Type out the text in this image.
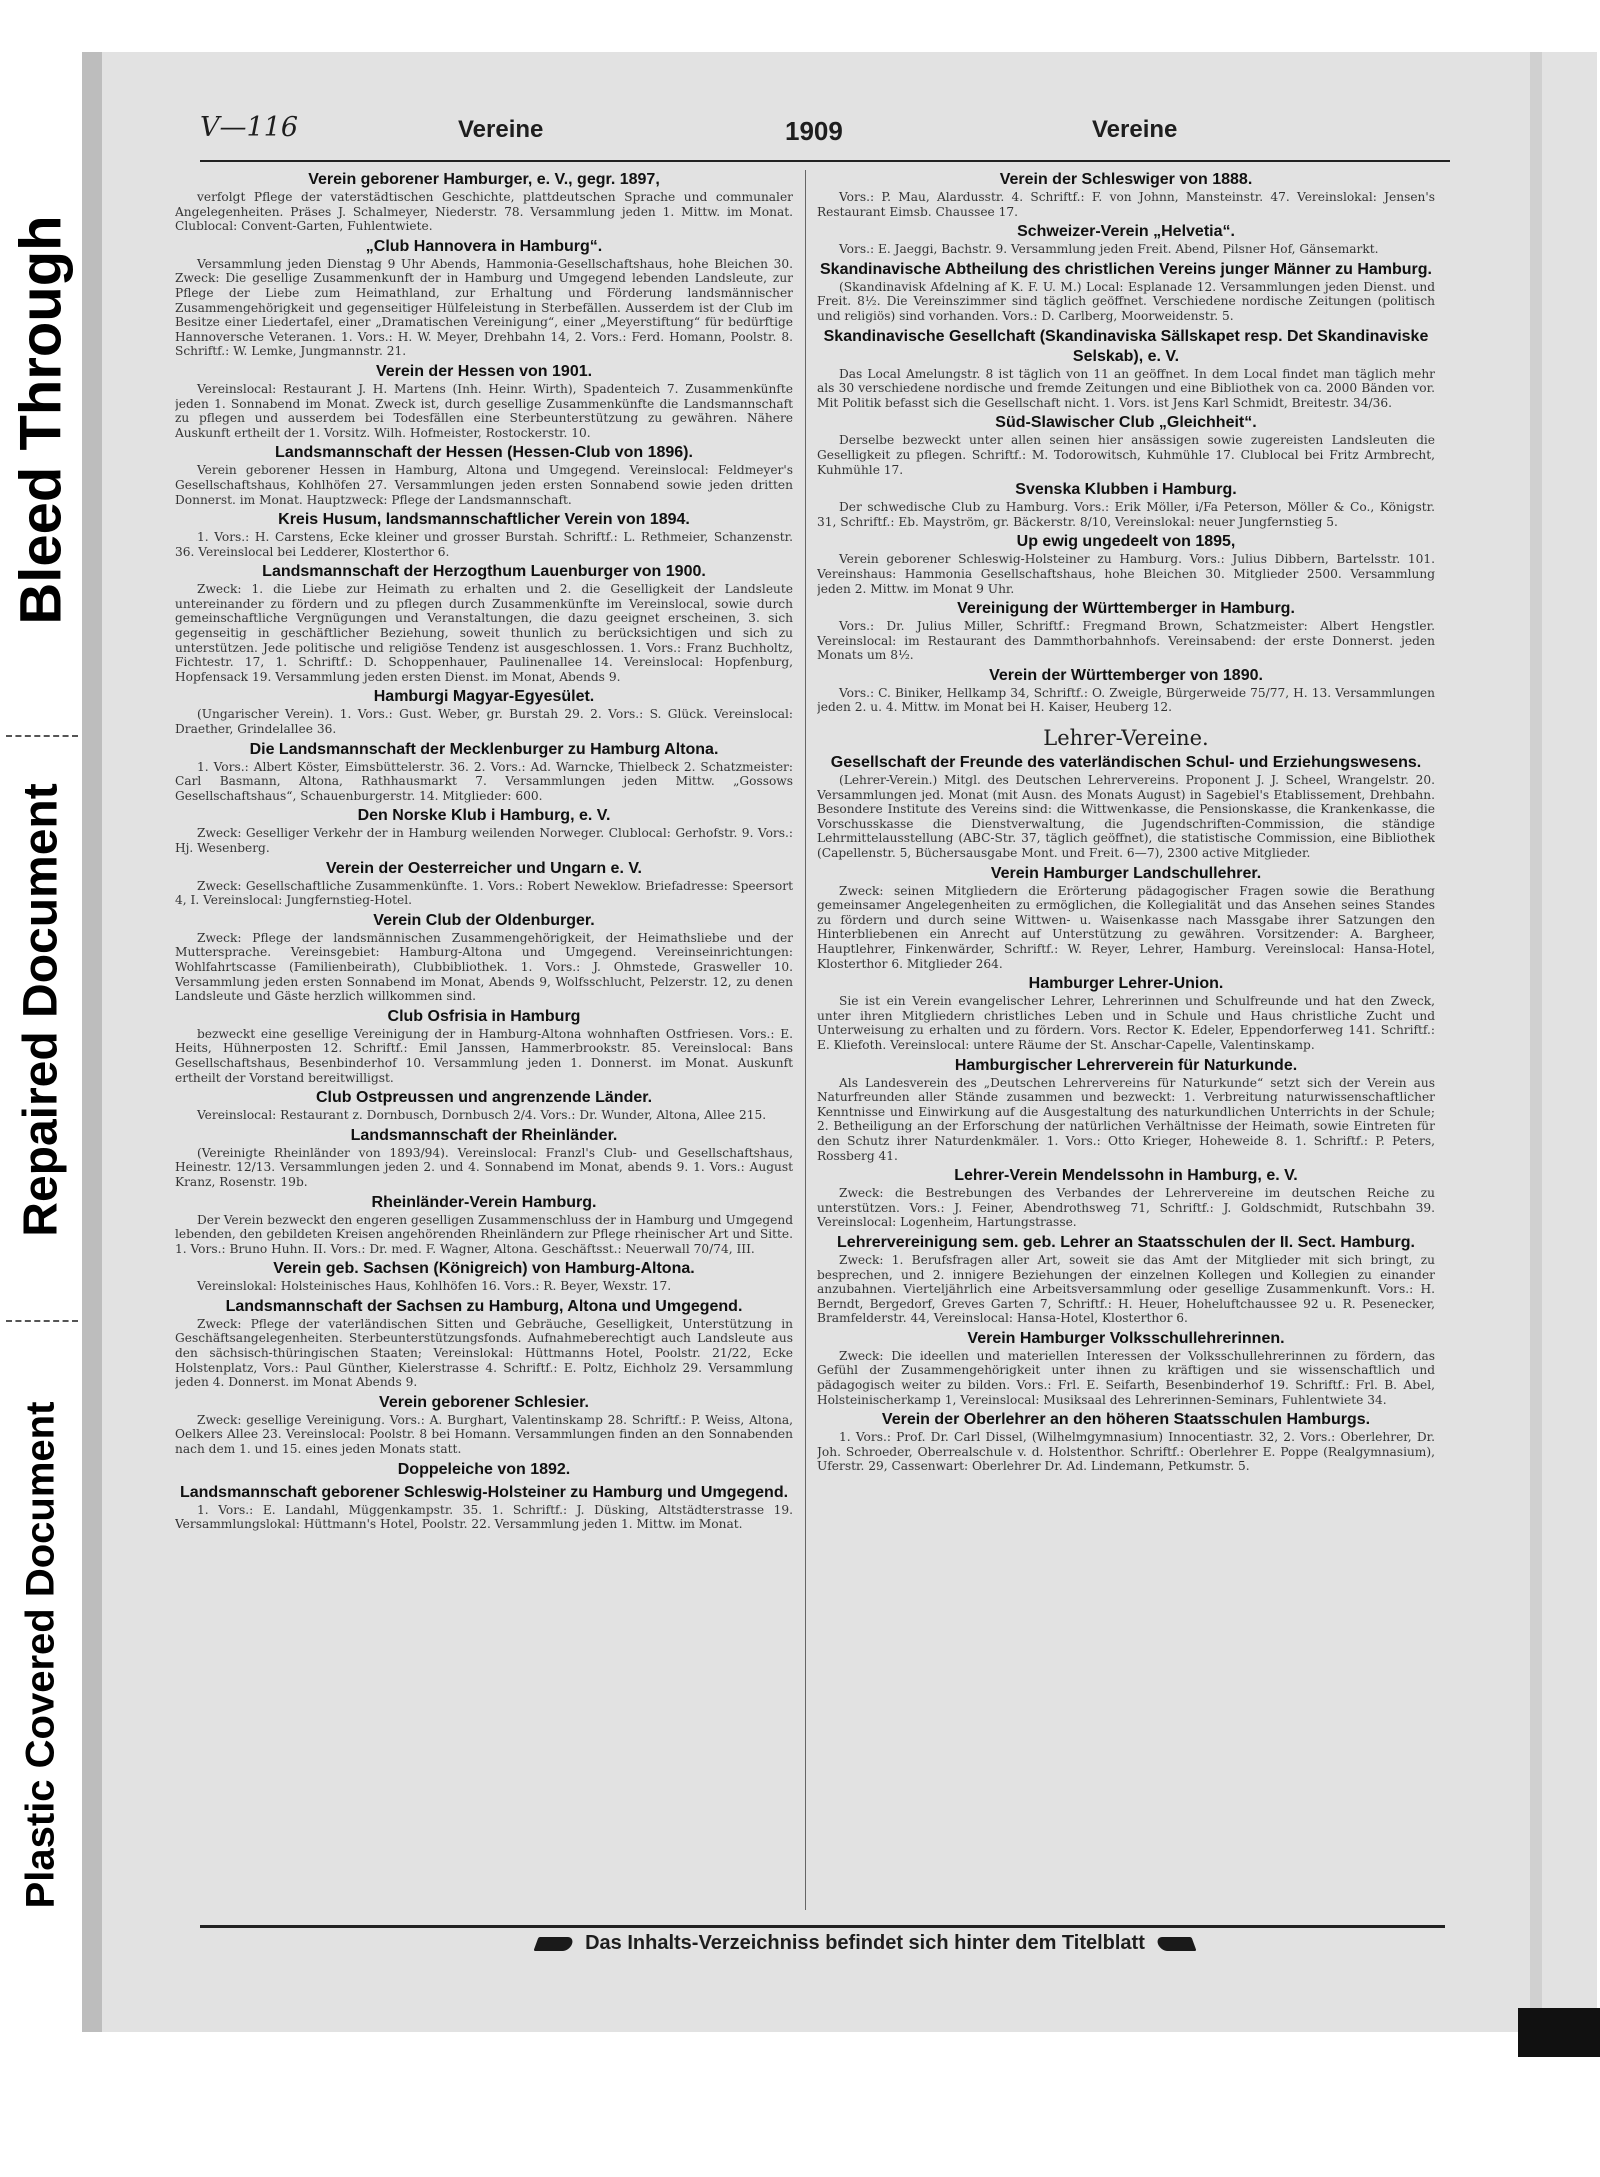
Bleed Through
Repaired Document
Plastic Covered Document
V—116	Vereine	1909	Vereine
Verein geborener Hamburger, e. V., gegr. 1897,
verfolgt Pflege der vaterstädtischen Geschichte, plattdeutschen Sprache und communaler Angelegenheiten. Präses J. Schalmeyer, Niederstr. 78. Versammlung jeden 1. Mittw. im Monat. Clublocal: Convent-Garten, Fuhlentwiete.
„Club Hannovera in Hamburg“.
Versammlung jeden Dienstag 9 Uhr Abends, Hammonia-Gesellschaftshaus, hohe Bleichen 30. Zweck: Die gesellige Zusammenkunft der in Hamburg und Umgegend lebenden Landsleute, zur Pflege der Liebe zum Heimathland, zur Erhaltung und Förderung landsmännischer Zusammengehörigkeit und gegenseitiger Hülfeleistung in Sterbefällen. Ausserdem ist der Club im Besitze einer Liedertafel, einer „Dramatischen Vereinigung“, einer „Meyerstiftung“ für bedürftige Hannoversche Veteranen. 1. Vors.: H. W. Meyer, Drehbahn 14, 2. Vors.: Ferd. Homann, Poolstr. 8. Schriftf.: W. Lemke, Jungmannstr. 21.
Verein der Hessen von 1901.
Vereinslocal: Restaurant J. H. Martens (Inh. Heinr. Wirth), Spadenteich 7. Zusammenkünfte jeden 1. Sonnabend im Monat. Zweck ist, durch gesellige Zusammenkünfte die Landsmannschaft zu pflegen und ausserdem bei Todesfällen eine Sterbeunterstützung zu gewähren. Nähere Auskunft ertheilt der 1. Vorsitz. Wilh. Hofmeister, Rostockerstr. 10.
Landsmannschaft der Hessen (Hessen-Club von 1896).
Verein geborener Hessen in Hamburg, Altona und Umgegend. Vereinslocal: Feldmeyer's Gesellschaftshaus, Kohlhöfen 27. Versammlungen jeden ersten Sonnabend sowie jeden dritten Donnerst. im Monat. Hauptzweck: Pflege der Landsmannschaft.
Kreis Husum, landsmannschaftlicher Verein von 1894.
1. Vors.: H. Carstens, Ecke kleiner und grosser Burstah. Schriftf.: L. Rethmeier, Schanzenstr. 36. Vereinslocal bei Ledderer, Klosterthor 6.
Landsmannschaft der Herzogthum Lauenburger von 1900.
Zweck: 1. die Liebe zur Heimath zu erhalten und 2. die Geselligkeit der Landsleute untereinander zu fördern und zu pflegen durch Zusammenkünfte im Vereinslocal, sowie durch gemeinschaftliche Vergnügungen und Veranstaltungen, die dazu geeignet erscheinen, 3. sich gegenseitig in geschäftlicher Beziehung, soweit thunlich zu berücksichtigen und sich zu unterstützen. Jede politische und religiöse Tendenz ist ausgeschlossen. 1. Vors.: Franz Buchholtz, Fichtestr. 17, 1. Schriftf.: D. Schoppenhauer, Paulinenallee 14. Vereinslocal: Hopfenburg, Hopfensack 19. Versammlung jeden ersten Dienst. im Monat, Abends 9.
Hamburgi Magyar-Egyesület.
(Ungarischer Verein). 1. Vors.: Gust. Weber, gr. Burstah 29. 2. Vors.: S. Glück. Vereinslocal: Draether, Grindelallee 36.
Die Landsmannschaft der Mecklenburger zu Hamburg Altona.
1. Vors.: Albert Köster, Eimsbüttelerstr. 36. 2. Vors.: Ad. Warncke, Thielbeck 2. Schatzmeister: Carl Basmann, Altona, Rathhausmarkt 7. Versammlungen jeden Mittw. „Gossows Gesellschaftshaus“, Schauenburgerstr. 14. Mitglieder: 600.
Den Norske Klub i Hamburg, e. V.
Zweck: Geselliger Verkehr der in Hamburg weilenden Norweger. Clublocal: Gerhofstr. 9. Vors.: Hj. Wesenberg.
Verein der Oesterreicher und Ungarn e. V.
Zweck: Gesellschaftliche Zusammenkünfte. 1. Vors.: Robert Neweklow. Briefadresse: Speersort 4, I. Vereinslocal: Jungfernstieg-Hotel.
Verein Club der Oldenburger.
Zweck: Pflege der landsmännischen Zusammengehörigkeit, der Heimathsliebe und der Muttersprache. Vereinsgebiet: Hamburg-Altona und Umgegend. Vereinseinrichtungen: Wohlfahrtscasse (Familienbeirath), Clubbibliothek. 1. Vors.: J. Ohmstede, Grasweller 10. Versammlung jeden ersten Sonnabend im Monat, Abends 9, Wolfsschlucht, Pelzerstr. 12, zu denen Landsleute und Gäste herzlich willkommen sind.
Club Osfrisia in Hamburg
bezweckt eine gesellige Vereinigung der in Hamburg-Altona wohnhaften Ostfriesen. Vors.: E. Heits, Hühnerposten 12. Schriftf.: Emil Janssen, Hammerbrookstr. 85. Vereinslocal: Bans Gesellschaftshaus, Besenbinderhof 10. Versammlung jeden 1. Donnerst. im Monat. Auskunft ertheilt der Vorstand bereitwilligst.
Club Ostpreussen und angrenzende Länder.
Vereinslocal: Restaurant z. Dornbusch, Dornbusch 2/4. Vors.: Dr. Wunder, Altona, Allee 215.
Landsmannschaft der Rheinländer.
(Vereinigte Rheinländer von 1893/94). Vereinslocal: Franzl's Club- und Gesellschaftshaus, Heinestr. 12/13. Versammlungen jeden 2. und 4. Sonnabend im Monat, abends 9. 1. Vors.: August Kranz, Rosenstr. 19b.
Rheinländer-Verein Hamburg.
Der Verein bezweckt den engeren geselligen Zusammenschluss der in Hamburg und Umgegend lebenden, den gebildeten Kreisen angehörenden Rheinländern zur Pflege rheinischer Art und Sitte. 1. Vors.: Bruno Huhn. II. Vors.: Dr. med. F. Wagner, Altona. Geschäftsst.: Neuerwall 70/74, III.
Verein geb. Sachsen (Königreich) von Hamburg-Altona.
Vereinslokal: Holsteinisches Haus, Kohlhöfen 16. Vors.: R. Beyer, Wexstr. 17.
Landsmannschaft der Sachsen zu Hamburg, Altona und Umgegend.
Zweck: Pflege der vaterländischen Sitten und Gebräuche, Geselligkeit, Unterstützung in Geschäftsangelegenheiten. Sterbeunterstützungsfonds. Aufnahmeberechtigt auch Landsleute aus den sächsisch-thüringischen Staaten; Vereinslokal: Hüttmanns Hotel, Poolstr. 21/22, Ecke Holstenplatz, Vors.: Paul Günther, Kielerstrasse 4. Schriftf.: E. Poltz, Eichholz 29. Versammlung jeden 4. Donnerst. im Monat Abends 9.
Verein geborener Schlesier.
Zweck: gesellige Vereinigung. Vors.: A. Burghart, Valentinskamp 28. Schriftf.: P. Weiss, Altona, Oelkers Allee 23. Vereinslocal: Poolstr. 8 bei Homann. Versammlungen finden an den Sonnabenden nach dem 1. und 15. eines jeden Monats statt.
Doppeleiche von 1892.
Landsmannschaft geborener Schleswig-Holsteiner zu Hamburg und Umgegend.
1. Vors.: E. Landahl, Müggenkampstr. 35. 1. Schriftf.: J. Düsking, Altstädterstrasse 19. Versammlungslokal: Hüttmann's Hotel, Poolstr. 22. Versammlung jeden 1. Mittw. im Monat.
Verein der Schleswiger von 1888.
Vors.: P. Mau, Alardusstr. 4. Schriftf.: F. von Johnn, Mansteinstr. 47. Vereinslokal: Jensen's Restaurant Eimsb. Chaussee 17.
Schweizer-Verein „Helvetia“.
Vors.: E. Jaeggi, Bachstr. 9. Versammlung jeden Freit. Abend, Pilsner Hof, Gänsemarkt.
Skandinavische Abtheilung des christlichen Vereins junger Männer zu Hamburg.
(Skandinavisk Afdelning af K. F. U. M.) Local: Esplanade 12. Versammlungen jeden Dienst. und Freit. 8½. Die Vereinszimmer sind täglich geöffnet. Verschiedene nordische Zeitungen (politisch und religiös) sind vorhanden. Vors.: D. Carlberg, Moorweidenstr. 5.
Skandinavische Gesellchaft (Skandinaviska Sällskapet resp. Det Skandinaviske Selskab), e. V.
Das Local Amelungstr. 8 ist täglich von 11 an geöffnet. In dem Local findet man täglich mehr als 30 verschiedene nordische und fremde Zeitungen und eine Bibliothek von ca. 2000 Bänden vor. Mit Politik befasst sich die Gesellschaft nicht. 1. Vors. ist Jens Karl Schmidt, Breitestr. 34/36.
Süd-Slawischer Club „Gleichheit“.
Derselbe bezweckt unter allen seinen hier ansässigen sowie zugereisten Landsleuten die Geselligkeit zu pflegen. Schriftf.: M. Todorowitsch, Kuhmühle 17. Clublocal bei Fritz Armbrecht, Kuhmühle 17.
Svenska Klubben i Hamburg.
Der schwedische Club zu Hamburg. Vors.: Erik Möller, i/Fa Peterson, Möller & Co., Königstr. 31, Schriftf.: Eb. Mayström, gr. Bäckerstr. 8/10, Vereinslokal: neuer Jungfernstieg 5.
Up ewig ungedeelt von 1895,
Verein geborener Schleswig-Holsteiner zu Hamburg. Vors.: Julius Dibbern, Bartelsstr. 101. Vereinshaus: Hammonia Gesellschaftshaus, hohe Bleichen 30. Mitglieder 2500. Versammlung jeden 2. Mittw. im Monat 9 Uhr.
Vereinigung der Württemberger in Hamburg.
Vors.: Dr. Julius Miller, Schriftf.: Fregmand Brown, Schatzmeister: Albert Hengstler. Vereinslocal: im Restaurant des Dammthorbahnhofs. Vereinsabend: der erste Donnerst. jeden Monats um 8½.
Verein der Württemberger von 1890.
Vors.: C. Biniker, Hellkamp 34, Schriftf.: O. Zweigle, Bürgerweide 75/77, H. 13. Versammlungen jeden 2. u. 4. Mittw. im Monat bei H. Kaiser, Heuberg 12.
Lehrer-Vereine.
Gesellschaft der Freunde des vaterländischen Schul- und Erziehungswesens.
(Lehrer-Verein.) Mitgl. des Deutschen Lehrervereins. Proponent J. J. Scheel, Wrangelstr. 20. Versammlungen jed. Monat (mit Ausn. des Monats August) in Sagebiel's Etablissement, Drehbahn. Besondere Institute des Vereins sind: die Wittwenkasse, die Pensionskasse, die Krankenkasse, die Vorschusskasse die Dienstverwaltung, die Jugendschriften-Commission, die ständige Lehrmittelausstellung (ABC-Str. 37, täglich geöffnet), die statistische Commission, eine Bibliothek (Capellenstr. 5, Büchersausgabe Mont. und Freit. 6—7), 2300 active Mitglieder.
Verein Hamburger Landschullehrer.
Zweck: seinen Mitgliedern die Erörterung pädagogischer Fragen sowie die Berathung gemeinsamer Angelegenheiten zu ermöglichen, die Kollegialität und das Ansehen seines Standes zu fördern und durch seine Wittwen- u. Waisenkasse nach Massgabe ihrer Satzungen den Hinterbliebenen ein Anrecht auf Unterstützung zu gewähren. Vorsitzender: A. Bargheer, Hauptlehrer, Finkenwärder, Schriftf.: W. Reyer, Lehrer, Hamburg. Vereinslocal: Hansa-Hotel, Klosterthor 6. Mitglieder 264.
Hamburger Lehrer-Union.
Sie ist ein Verein evangelischer Lehrer, Lehrerinnen und Schulfreunde und hat den Zweck, unter ihren Mitgliedern christliches Leben und in Schule und Haus christliche Zucht und Unterweisung zu erhalten und zu fördern. Vors. Rector K. Edeler, Eppendorferweg 141. Schriftf.: E. Kliefoth. Vereinslocal: untere Räume der St. Anschar-Capelle, Valentinskamp.
Hamburgischer Lehrerverein für Naturkunde.
Als Landesverein des „Deutschen Lehrervereins für Naturkunde“ setzt sich der Verein aus Naturfreunden aller Stände zusammen und bezweckt: 1. Verbreitung naturwissenschaftlicher Kenntnisse und Einwirkung auf die Ausgestaltung des naturkundlichen Unterrichts in der Schule; 2. Betheiligung an der Erforschung der natürlichen Verhältnisse der Heimath, sowie Eintreten für den Schutz ihrer Naturdenkmäler. 1. Vors.: Otto Krieger, Hoheweide 8. 1. Schriftf.: P. Peters, Rossberg 41.
Lehrer-Verein Mendelssohn in Hamburg, e. V.
Zweck: die Bestrebungen des Verbandes der Lehrervereine im deutschen Reiche zu unterstützen. Vors.: J. Feiner, Abendrothsweg 71, Schriftf.: J. Goldschmidt, Rutschbahn 39. Vereinslocal: Logenheim, Hartungstrasse.
Lehrervereinigung sem. geb. Lehrer an Staatsschulen der II. Sect. Hamburg.
Zweck: 1. Berufsfragen aller Art, soweit sie das Amt der Mitglieder mit sich bringt, zu besprechen, und 2. innigere Beziehungen der einzelnen Kollegen und Kollegien zu einander anzubahnen. Vierteljährlich eine Arbeitsversammlung oder gesellige Zusammenkunft. Vors.: H. Berndt, Bergedorf, Greves Garten 7, Schriftf.: H. Heuer, Hoheluftchaussee 92 u. R. Pesenecker, Bramfelderstr. 44, Vereinslocal: Hansa-Hotel, Klosterthor 6.
Verein Hamburger Volksschullehrerinnen.
Zweck: Die ideellen und materiellen Interessen der Volksschullehrerinnen zu fördern, das Gefühl der Zusammengehörigkeit unter ihnen zu kräftigen und sie wissenschaftlich und pädagogisch weiter zu bilden. Vors.: Frl. E. Seifarth, Besenbinderhof 19. Schriftf.: Frl. B. Abel, Holsteinischerkamp 1, Vereinslocal: Musiksaal des Lehrerinnen-Seminars, Fuhlentwiete 34.
Verein der Oberlehrer an den höheren Staatsschulen Hamburgs.
1. Vors.: Prof. Dr. Carl Dissel, (Wilhelmgymnasium) Innocentiastr. 32, 2. Vors.: Oberlehrer, Dr. Joh. Schroeder, Oberrealschule v. d. Holstenthor. Schriftf.: Oberlehrer E. Poppe (Realgymnasium), Uferstr. 29, Cassenwart: Oberlehrer Dr. Ad. Lindemann, Petkumstr. 5.
Das Inhalts-Verzeichniss befindet sich hinter dem Titelblatt
